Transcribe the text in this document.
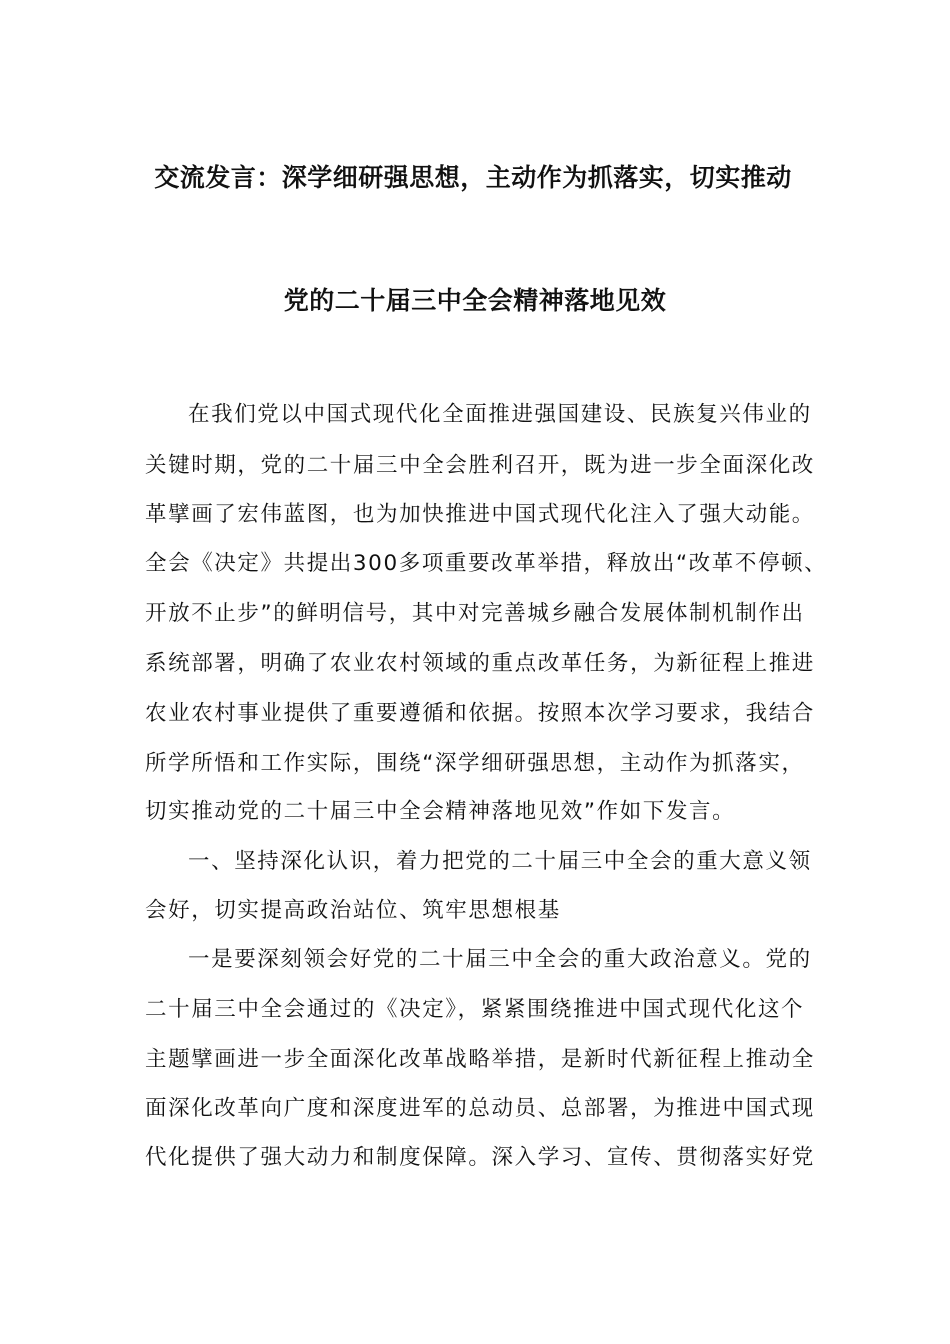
交流发言：深学细研强思想，主动作为抓落实，切实推动
党的二十届三中全会精神落地见效
在我们党以中国式现代化全面推进强国建设、民族复兴伟业的
关键时期，党的二十届三中全会胜利召开，既为进一步全面深化改
革擘画了宏伟蓝图，也为加快推进中国式现代化注入了强大动能。
全会《决定》共提出300多项重要改革举措，释放出“改革不停顿、
开放不止步”的鲜明信号，其中对完善城乡融合发展体制机制作出
系统部署，明确了农业农村领域的重点改革任务，为新征程上推进
农业农村事业提供了重要遵循和依据。按照本次学习要求，我结合
所学所悟和工作实际，围绕“深学细研强思想，主动作为抓落实，
切实推动党的二十届三中全会精神落地见效”作如下发言。
一、坚持深化认识，着力把党的二十届三中全会的重大意义领
会好，切实提高政治站位、筑牢思想根基
一是要深刻领会好党的二十届三中全会的重大政治意义。党的
二十届三中全会通过的《决定》，紧紧围绕推进中国式现代化这个
主题擘画进一步全面深化改革战略举措，是新时代新征程上推动全
面深化改革向广度和深度进军的总动员、总部署，为推进中国式现
代化提供了强大动力和制度保障。深入学习、宣传、贯彻落实好党
